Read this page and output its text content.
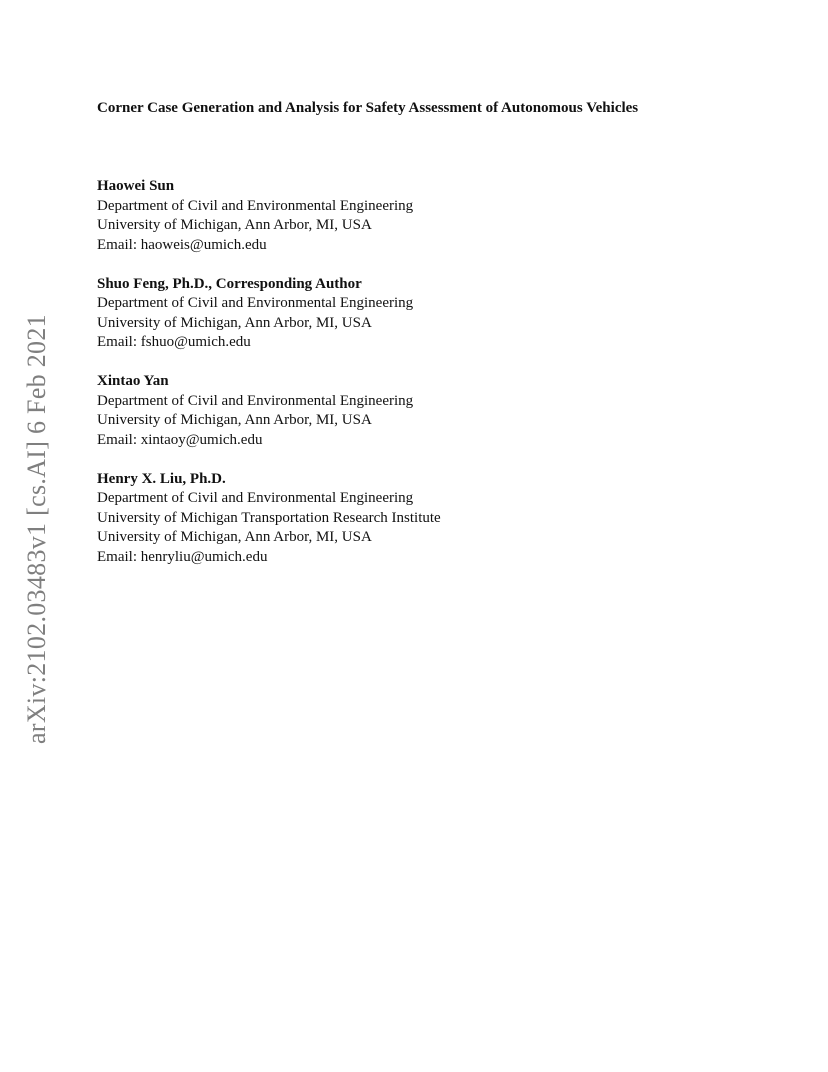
arXiv:2102.03483v1 [cs.AI] 6 Feb 2021
Corner Case Generation and Analysis for Safety Assessment of Autonomous Vehicles
Haowei Sun
Department of Civil and Environmental Engineering
University of Michigan, Ann Arbor, MI, USA
Email: haoweis@umich.edu
Shuo Feng, Ph.D., Corresponding Author
Department of Civil and Environmental Engineering
University of Michigan, Ann Arbor, MI, USA
Email: fshuo@umich.edu
Xintao Yan
Department of Civil and Environmental Engineering
University of Michigan, Ann Arbor, MI, USA
Email: xintaoy@umich.edu
Henry X. Liu, Ph.D.
Department of Civil and Environmental Engineering
University of Michigan Transportation Research Institute
University of Michigan, Ann Arbor, MI, USA
Email: henryliu@umich.edu
